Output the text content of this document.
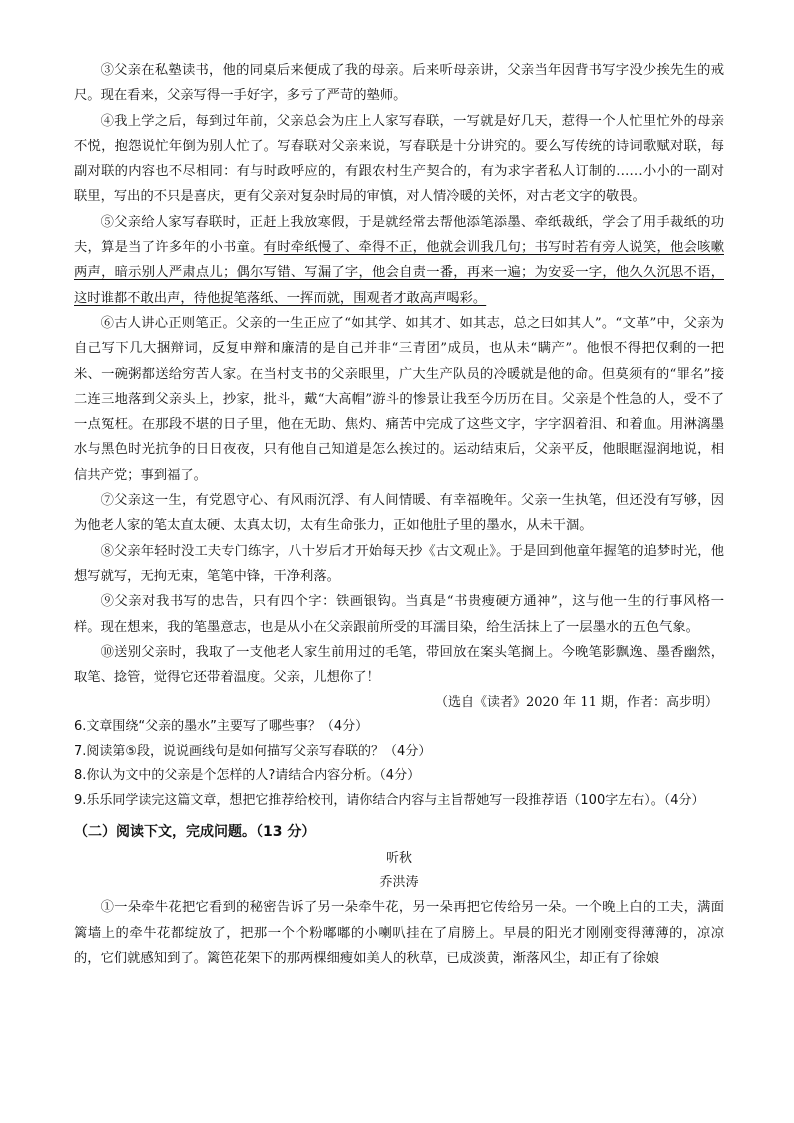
③父亲在私塾读书，他的同桌后来便成了我的母亲。后来听母亲讲，父亲当年因背书写字没少挨先生的戒尺。现在看来，父亲写得一手好字，多亏了严苛的塾师。

④我上学之后，每到过年前，父亲总会为庄上人家写春联，一写就是好几天，惹得一个人忙里忙外的母亲不悦，抱怨说忙年倒为别人忙了。写春联对父亲来说，写春联是十分讲究的。要么写传统的诗词歌赋对联，每副对联的内容也不尽相同：有与时政呼应的，有跟农村生产契合的，有为求字者私人订制的……小小的一副对联里，写出的不只是喜庆，更有父亲对复杂时局的审慎，对人情冷暖的关怀，对古老文字的敬畏。

⑤父亲给人家写春联时，正赶上我放寒假，于是就经常去帮他添笔添墨、牵纸裁纸，学会了用手裁纸的功夫，算是当了许多年的小书童。有时牵纸慢了、牵得不正，他就会训我几句；书写时若有旁人说笑，他会咳嗽两声，暗示别人严肃点儿；偶尔写错、写漏了字，他会自责一番，再来一遍；为安妥一字，他久久沉思不语，这时谁都不敢出声，待他捉笔落纸、一挥而就，围观者才敢高声喝彩。

⑥古人讲心正则笔正。父亲的一生正应了“如其学、如其才、如其志，总之曰如其人”。“文革”中，父亲为自己写下几大捆辩词，反复申辩和廉清的是自己并非“三青团”成员，也从未“瞒产”。他恨不得把仅剩的一把米、一碗粥都送给穷苦人家。在当村支书的父亲眼里，广大生产队员的冷暖就是他的命。但莫须有的“罪名”接二连三地落到父亲头上，抄家，批斗，戴“大高帽”游斗的惨景让我至今历历在目。父亲是个性急的人，受不了一点冤枉。在那段不堪的日子里，他在无助、焦灼、痛苦中完成了这些文字，字字泅着泪、和着血。用淋漓墨水与黑色时光抗争的日日夜夜，只有他自己知道是怎么挨过的。运动结束后，父亲平反，他眼眶湿润地说，相信共产党；事到福了。

⑦父亲这一生，有党恩守心、有风雨沉浮、有人间情暖、有幸福晚年。父亲一生执笔，但还没有写够，因为他老人家的笔太直太硬、太真太切，太有生命张力，正如他肚子里的墨水，从未干涸。

⑧父亲年轻时没工夫专门练字，八十岁后才开始每天抄《古文观止》。于是回到他童年握笔的追梦时光，他想写就写，无拘无束，笔笔中锋，干净利落。

⑨父亲对我书写的忠告，只有四个字：铁画银钩。当真是“书贵瘦硬方通神”，这与他一生的行事风格一样。现在想来，我的笔墨意志，也是从小在父亲跟前所受的耳濡目染，给生活抹上了一层墨水的五色气象。

⑩送别父亲时，我取了一支他老人家生前用过的毛笔，带回放在案头笔搁上。今晚笔影飘逸、墨香幽然，取笔、捻管，觉得它还带着温度。父亲，儿想你了！

（选自《读者》2020 年 11 期，作者：高步明）

6.文章围绕“父亲的墨水”主要写了哪些事？（4分）

7.阅读第⑤段，说说画线句是如何描写父亲写春联的？（4分）

8.你认为文中的父亲是个怎样的人?请结合内容分析。（4分）

9.乐乐同学读完这篇文章，想把它推荐给校刊，请你结合内容与主旨帮她写一段推荐语（100字左右）。（4分）

（二）阅读下文，完成问题。（13 分）

听秋

乔洪涛

①一朵牵牛花把它看到的秘密告诉了另一朵牵牛花，另一朵再把它传给另一朵。一个晚上白的工夫，满面篱墙上的牵牛花都绽放了，把那一个个粉嘟嘟的小喇叭挂在了肩膀上。早晨的阳光才刚刚变得薄薄的，凉凉的，它们就感知到了。篱笆花架下的那两棵细瘦如美人的秋草，已成淡黄，渐落风尘，却正有了徐娘
